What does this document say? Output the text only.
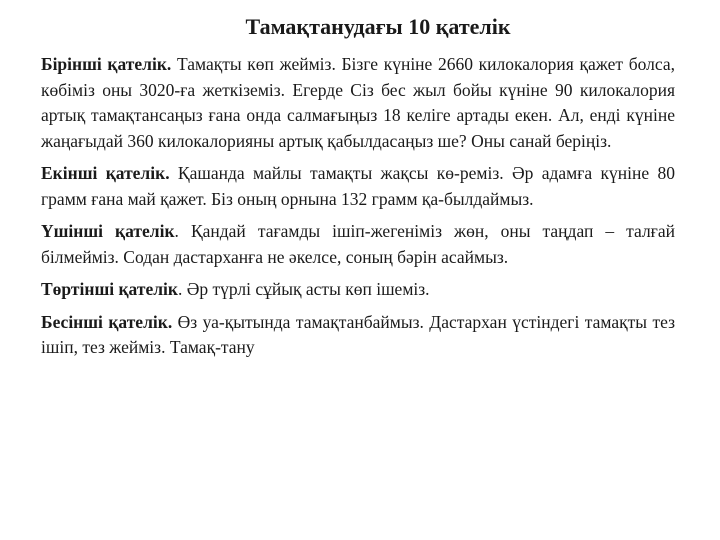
Тамақтанудағы 10 қателік

Бірінші қателік. Тамақты көп жейміз. Бізге күніне 2660 килокалория қажет болса, көбіміз оны 3020-ға жеткіземіз. Егерде Сіз бес жыл бойы күніне 90 килокалория артық тамақтансаңыз ғана онда салмағыңыз 18 келіге артады екен. Ал, енді күніне жаңағыдай 360 килокалорияны артық қабылдасаңыз ше? Оны санай беріңіз.

Екінші қателік. Қашанда майлы тамақты жақсы кө-реміз. Әр адамға күніне 80 грамм ғана май қажет. Біз оның орнына 132 грамм қа-былдаймыз.

Үшінші қателік. Қандай тағамды ішіп-жегеніміз жөн, оны таңдап – талғай білмейміз. Содан дастарханға не әкелсе, соның бәрін асаймыз.

Төртінші қателік. Әр түрлі сұйық асты көп ішеміз.

Бесінші қателік. Өз уа-қытында тамақтанбаймыз. Дастархан үстіндегі тамақты тез ішіп, тез жейміз. Тамақ-тану
